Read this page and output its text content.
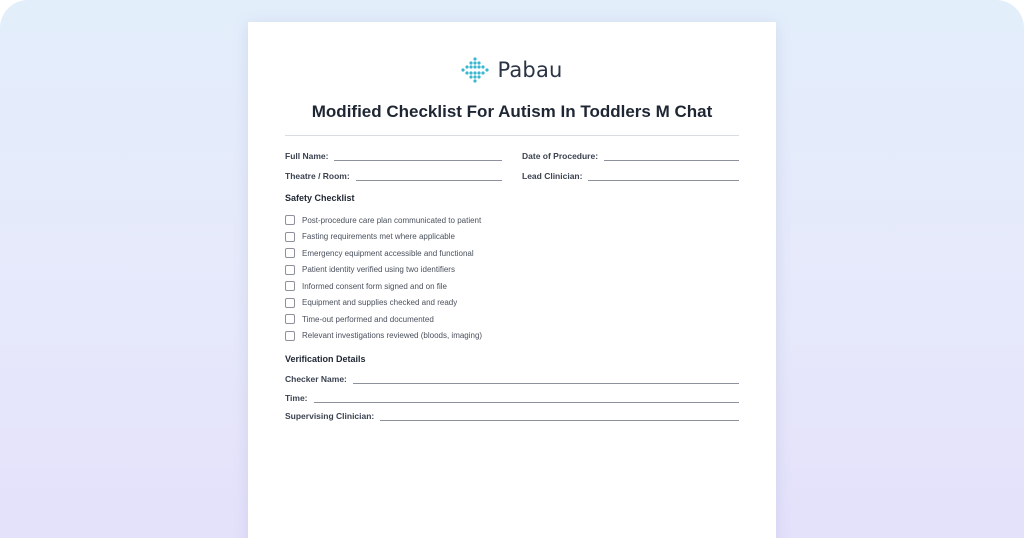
Pabau
Modified Checklist For Autism In Toddlers M Chat
Full Name:	Date of Procedure:
Theatre / Room:	Lead Clinician:
Safety Checklist
Post-procedure care plan communicated to patient
Fasting requirements met where applicable
Emergency equipment accessible and functional
Patient identity verified using two identifiers
Informed consent form signed and on file
Equipment and supplies checked and ready
Time-out performed and documented
Relevant investigations reviewed (bloods, imaging)
Verification Details
Checker Name:
Time:
Supervising Clinician:
